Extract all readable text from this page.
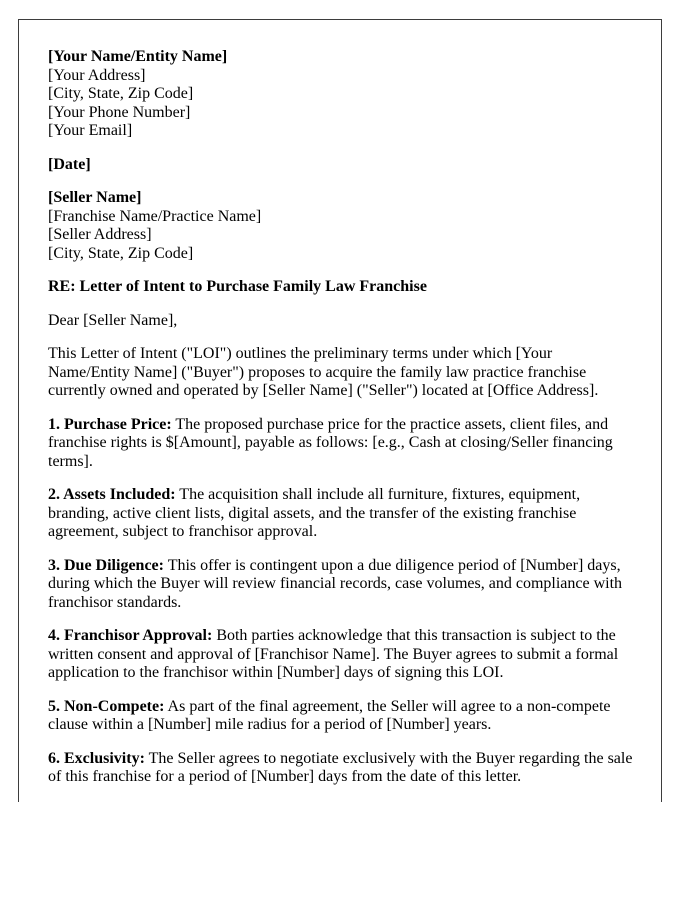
[Your Name/Entity Name]
[Your Address]
[City, State, Zip Code]
[Your Phone Number]
[Your Email]

[Date]

[Seller Name]
[Franchise Name/Practice Name]
[Seller Address]
[City, State, Zip Code]

RE: Letter of Intent to Purchase Family Law Franchise

Dear [Seller Name],

This Letter of Intent ("LOI") outlines the preliminary terms under which [Your Name/Entity Name] ("Buyer") proposes to acquire the family law practice franchise currently owned and operated by [Seller Name] ("Seller") located at [Office Address].

1. Purchase Price: The proposed purchase price for the practice assets, client files, and franchise rights is $[Amount], payable as follows: [e.g., Cash at closing/Seller financing terms].

2. Assets Included: The acquisition shall include all furniture, fixtures, equipment, branding, active client lists, digital assets, and the transfer of the existing franchise agreement, subject to franchisor approval.

3. Due Diligence: This offer is contingent upon a due diligence period of [Number] days, during which the Buyer will review financial records, case volumes, and compliance with franchisor standards.

4. Franchisor Approval: Both parties acknowledge that this transaction is subject to the written consent and approval of [Franchisor Name]. The Buyer agrees to submit a formal application to the franchisor within [Number] days of signing this LOI.

5. Non-Compete: As part of the final agreement, the Seller will agree to a non-compete clause within a [Number] mile radius for a period of [Number] years.

6. Exclusivity: The Seller agrees to negotiate exclusively with the Buyer regarding the sale of this franchise for a period of [Number] days from the date of this letter.
